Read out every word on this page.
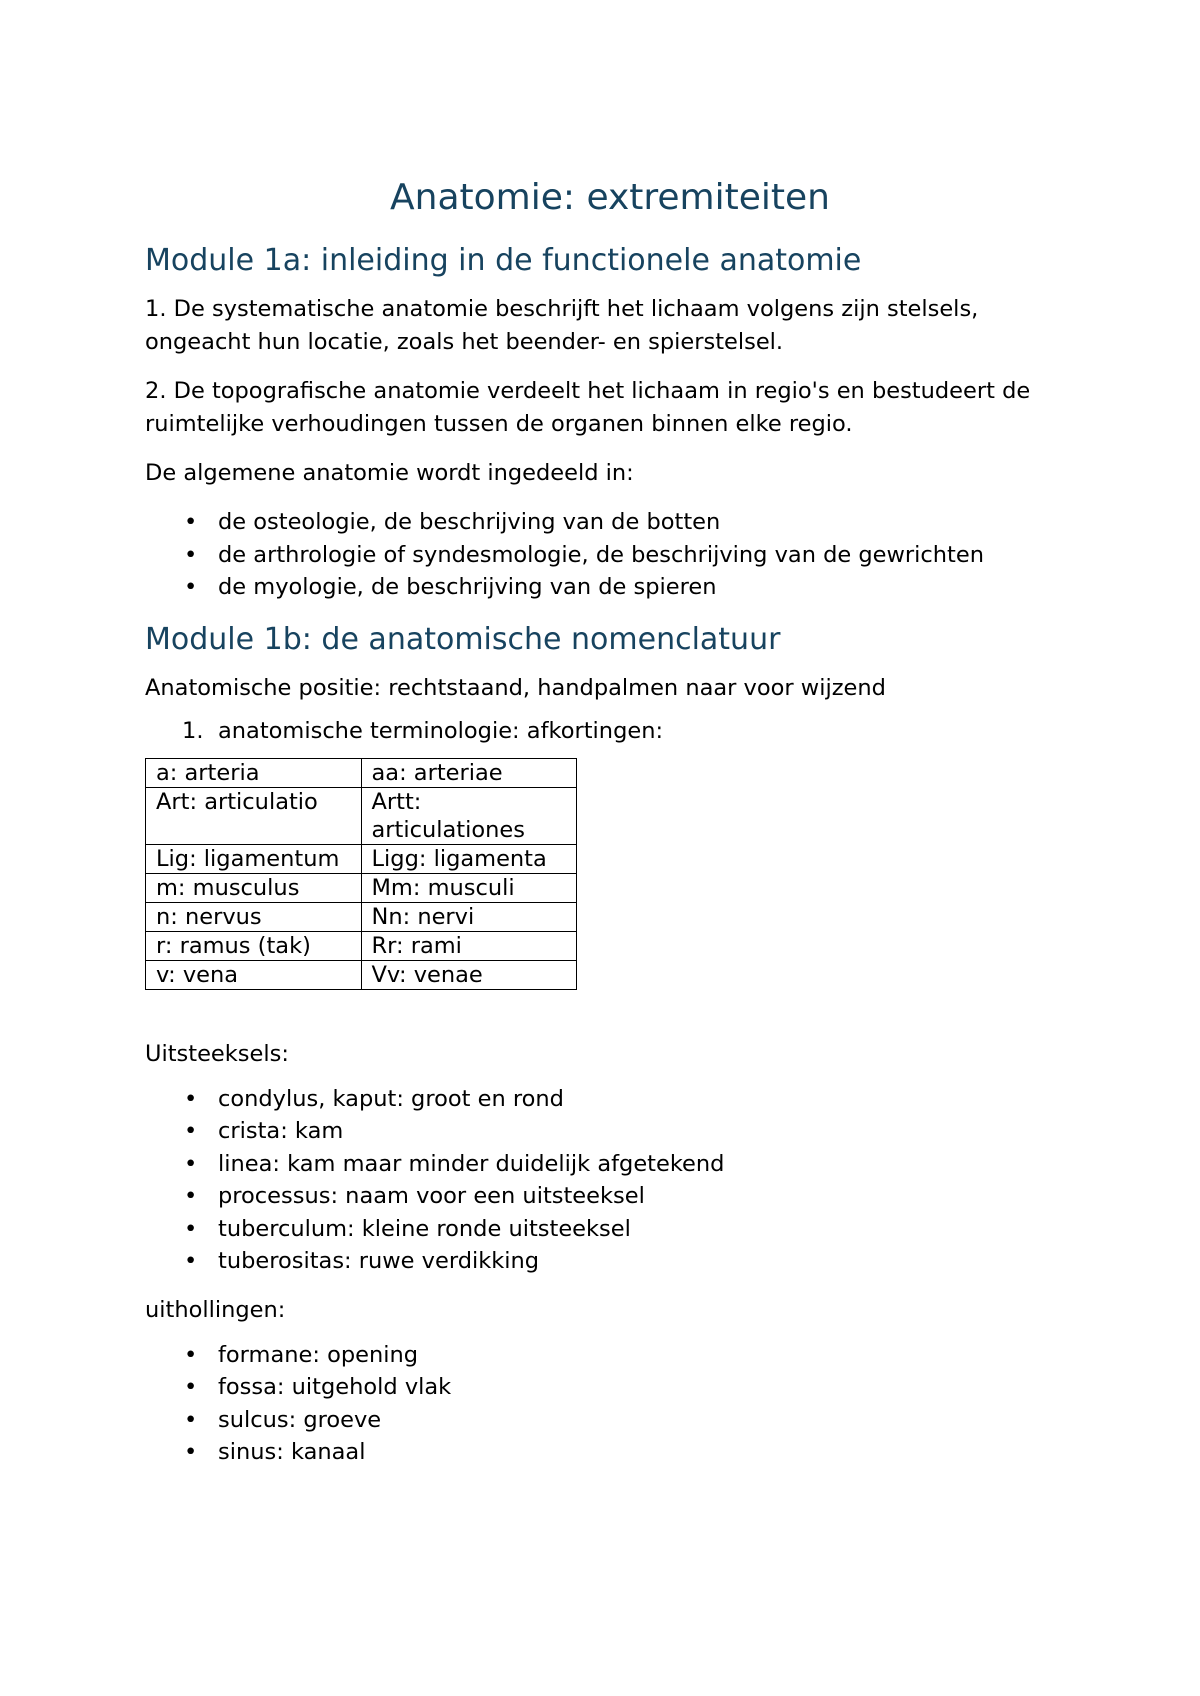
Anatomie: extremiteiten
Module 1a: inleiding in de functionele anatomie

1. De systematische anatomie beschrijft het lichaam volgens zijn stelsels, ongeacht hun locatie, zoals het beender- en spierstelsel.

2. De topografische anatomie verdeelt het lichaam in regio's en bestudeert de ruimtelijke verhoudingen tussen de organen binnen elke regio.

De algemene anatomie wordt ingedeeld in:

• de osteologie, de beschrijving van de botten
• de arthrologie of syndesmologie, de beschrijving van de gewrichten
• de myologie, de beschrijving van de spieren
Module 1b: de anatomische nomenclatuur

Anatomische positie: rechtstaand, handpalmen naar voor wijzend

1. anatomische terminologie: afkortingen:
a: arteria	aa: arteriae
Art: articulatio	Artt: articulationes
Lig: ligamentum	Ligg: ligamenta
m: musculus	Mm: musculi
n: nervus	Nn: nervi
r: ramus (tak)	Rr: rami
v: vena	Vv: venae

Uitsteeksels:

• condylus, kaput: groot en rond
• crista: kam
• linea: kam maar minder duidelijk afgetekend
• processus: naam voor een uitsteeksel
• tuberculum: kleine ronde uitsteeksel
• tuberositas: ruwe verdikking

uithollingen:

• formane: opening
• fossa: uitgehold vlak
• sulcus: groeve
• sinus: kanaal
